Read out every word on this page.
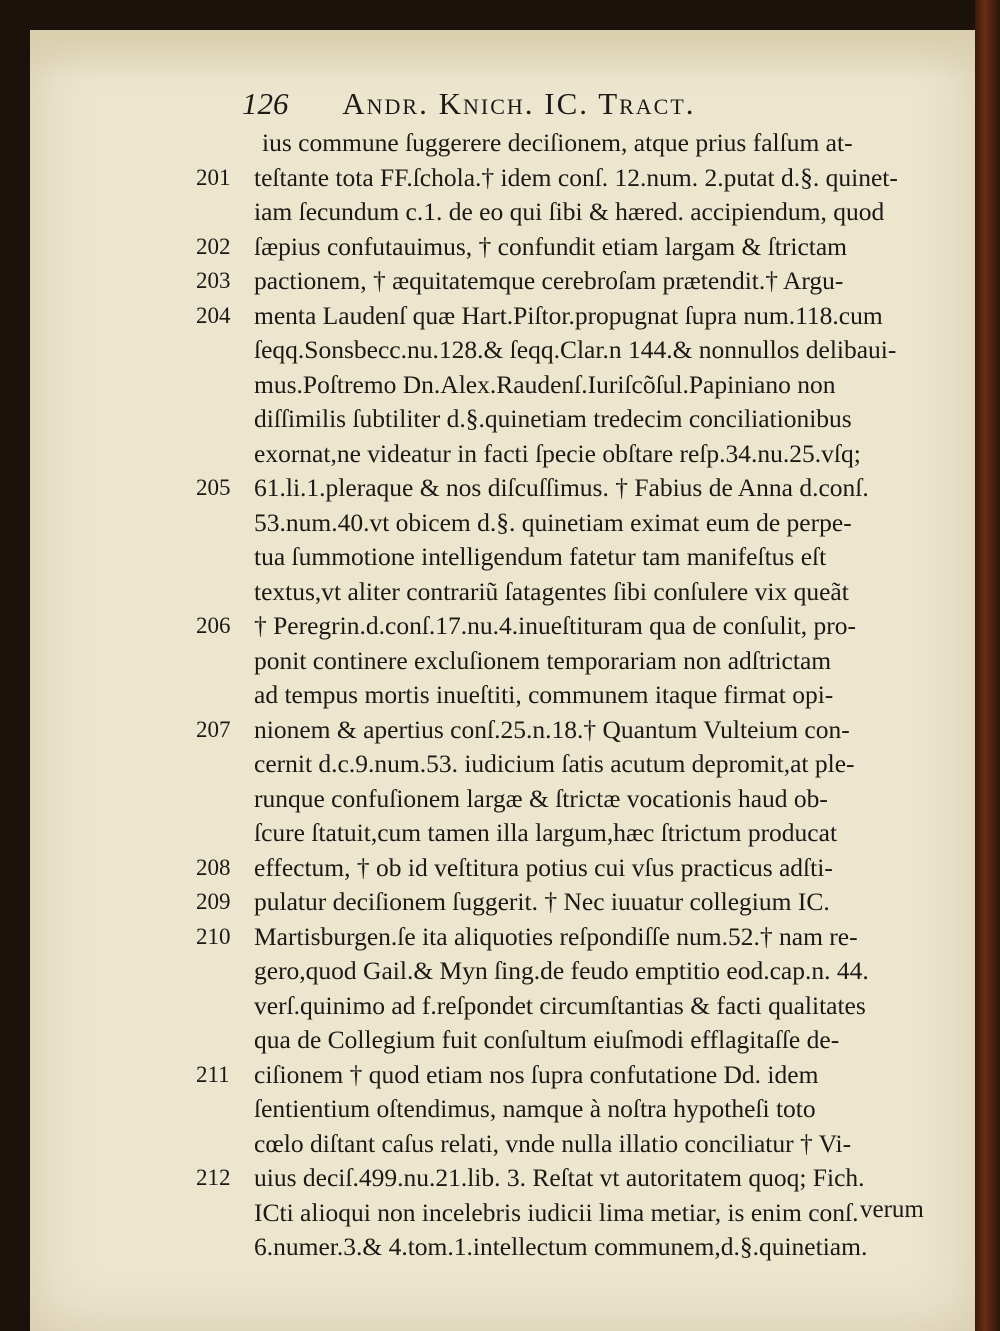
126 Andr. Knich. IC. Tract.
ius commune ſuggerere deciſionem, atque prius falſum at-
201 teſtante tota FF.ſchola.† idem conſ. 12.num. 2.putat d.§. quinet-
iam ſecundum c.1. de eo qui ſibi & hæred. accipiendum, quod
202 ſæpius confutauimus, † confundit etiam largam & ſtrictam
203 pactionem, † æquitatemque cerebroſam prætendit.† Argu-
204 menta Laudenſ quæ Hart.Piſtor.propugnat ſupra num.118.cum
ſeqq.Sonsbecc.nu.128.& ſeqq.Clar.n 144.& nonnullos delibaui-
mus.Poſtremo Dn.Alex.Raudenſ.Iuriſcõſul.Papiniano non
diſſimilis ſubtiliter d.§.quinetiam tredecim conciliationibus
exornat,ne videatur in facti ſpecie obſtare reſp.34.nu.25.vſq;
205 61.li.1.pleraque & nos diſcuſſimus. † Fabius de Anna d.conſ.
53.num.40.vt obicem d.§. quinetiam eximat eum de perpe-
tua ſummotione intelligendum fatetur tam manifeſtus eſt
textus,vt aliter contrariũ ſatagentes ſibi conſulere vix queãt
206 † Peregrin.d.conſ.17.nu.4.inueſtituram qua de conſulit, pro-
ponit continere excluſionem temporariam non adſtrictam
ad tempus mortis inueſtiti, communem itaque firmat opi-
207 nionem & apertius conſ.25.n.18.† Quantum Vulteium con-
cernit d.c.9.num.53. iudicium ſatis acutum depromit,at ple-
runque confuſionem largæ & ſtrictæ vocationis haud ob-
ſcure ſtatuit,cum tamen illa largum,hæc ſtrictum producat
208 effectum, † ob id veſtitura potius cui vſus practicus adſti-
209 pulatur deciſionem ſuggerit. † Nec iuuatur collegium IC.
210 Martisburgen.ſe ita aliquoties reſpondiſſe num.52.† nam re-
gero,quod Gail.& Myn ſing.de feudo emptitio eod.cap.n. 44.
verſ.quinimo ad f.reſpondet circumſtantias & facti qualitates
qua de Collegium fuit conſultum eiuſmodi efflagitaſſe de-
211 ciſionem † quod etiam nos ſupra confutatione Dd. idem
ſentientium oſtendimus, namque à noſtra hypotheſi toto
cœlo diſtant caſus relati, vnde nulla illatio conciliatur † Vi-
212 uius deciſ.499.nu.21.lib. 3. Reſtat vt autoritatem quoq; Fich.
ICti alioqui non incelebris iudicii lima metiar, is enim conſ.
6.numer.3.& 4.tom.1.intellectum communem,d.§.quinetiam.
verum
